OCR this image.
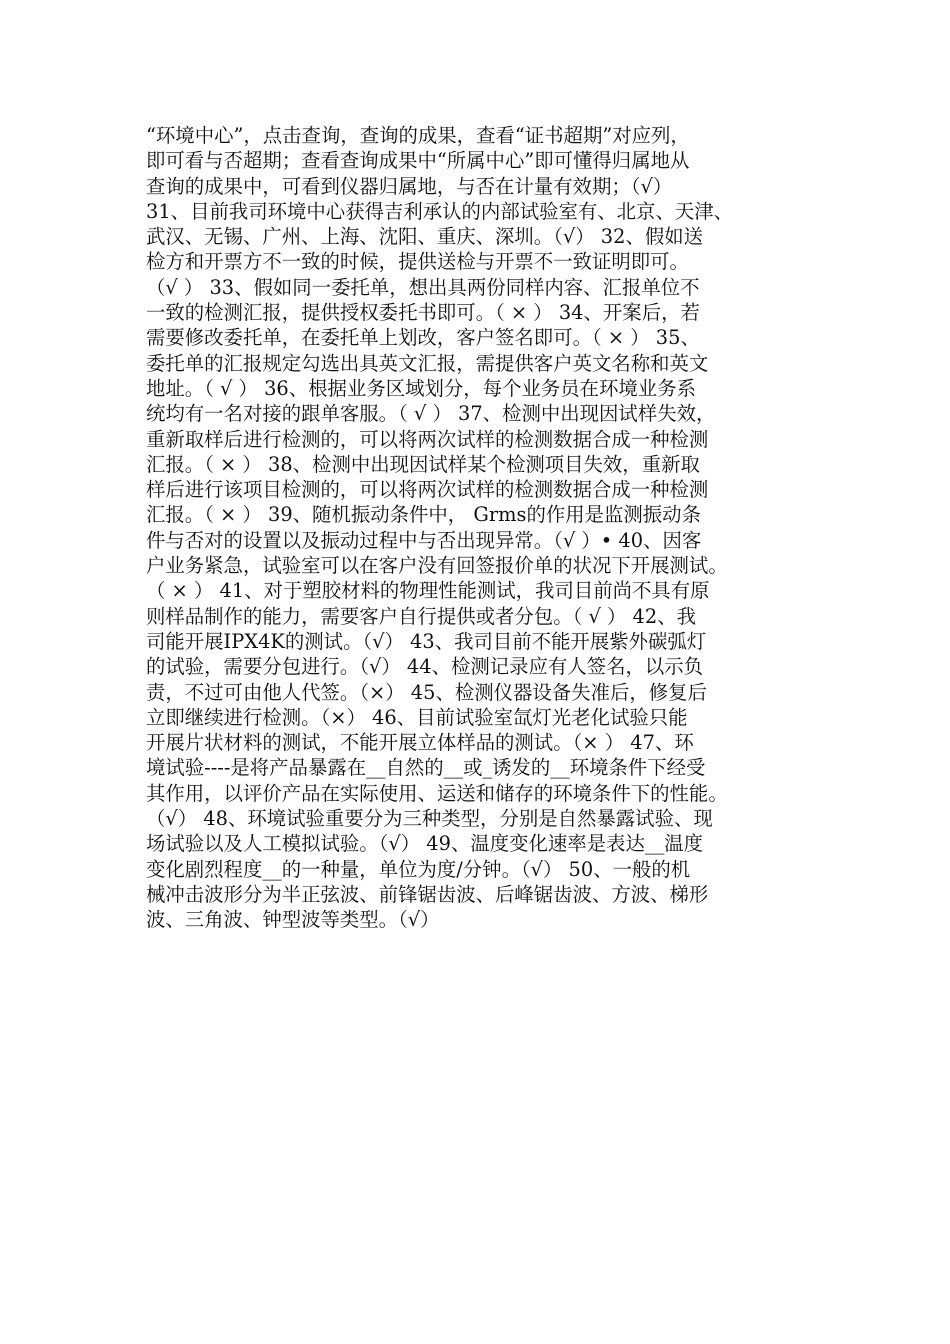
“环境中心”，点击查询，查询的成果，查看“证书超期”对应列，
即可看与否超期；查看查询成果中“所属中心”即可懂得归属地从
查询的成果中，可看到仪器归属地，与否在计量有效期；（√）
31、目前我司环境中心获得吉利承认的内部试验室有、北京、天津、
武汉、无锡、广州、上海、沈阳、重庆、深圳。（√） 32、假如送
检方和开票方不一致的时候，提供送检与开票不一致证明即可。
（√ ） 33、假如同一委托单，想出具两份同样内容、汇报单位不
一致的检测汇报，提供授权委托书即可。（ × ） 34、开案后，若
需要修改委托单，在委托单上划改，客户签名即可。（ × ） 35、
委托单的汇报规定勾选出具英文汇报，需提供客户英文名称和英文
地址。（ √ ） 36、根据业务区域划分，每个业务员在环境业务系
统均有一名对接的跟单客服。（ √ ） 37、检测中出现因试样失效，
重新取样后进行检测的，可以将两次试样的检测数据合成一种检测
汇报。（ × ） 38、检测中出现因试样某个检测项目失效，重新取
样后进行该项目检测的，可以将两次试样的检测数据合成一种检测
汇报。（ × ） 39、随机振动条件中， Grms的作用是监测振动条
件与否对的设置以及振动过程中与否出现异常。（√ ）• 40、因客
户业务紧急，试验室可以在客户没有回签报价单的状况下开展测试。
（ × ） 41、对于塑胶材料的物理性能测试，我司目前尚不具有原
则样品制作的能力，需要客户自行提供或者分包。（ √ ） 42、我
司能开展IPX4K的测试。（√） 43、我司目前不能开展紫外碳弧灯
的试验，需要分包进行。（√） 44、检测记录应有人签名，以示负
责，不过可由他人代签。（×） 45、检测仪器设备失准后，修复后
立即继续进行检测。（×） 46、目前试验室氙灯光老化试验只能
开展片状材料的测试，不能开展立体样品的测试。（× ） 47、环
境试验----是将产品暴露在__自然的__或_诱发的__环境条件下经受
其作用，以评价产品在实际使用、运送和储存的环境条件下的性能。
（√） 48、环境试验重要分为三种类型，分别是自然暴露试验、现
场试验以及人工模拟试验。（√） 49、温度变化速率是表达__温度
变化剧烈程度__的一种量，单位为度/分钟。（√） 50、一般的机
械冲击波形分为半正弦波、前锋锯齿波、后峰锯齿波、方波、梯形
波、三角波、钟型波等类型。（√）
